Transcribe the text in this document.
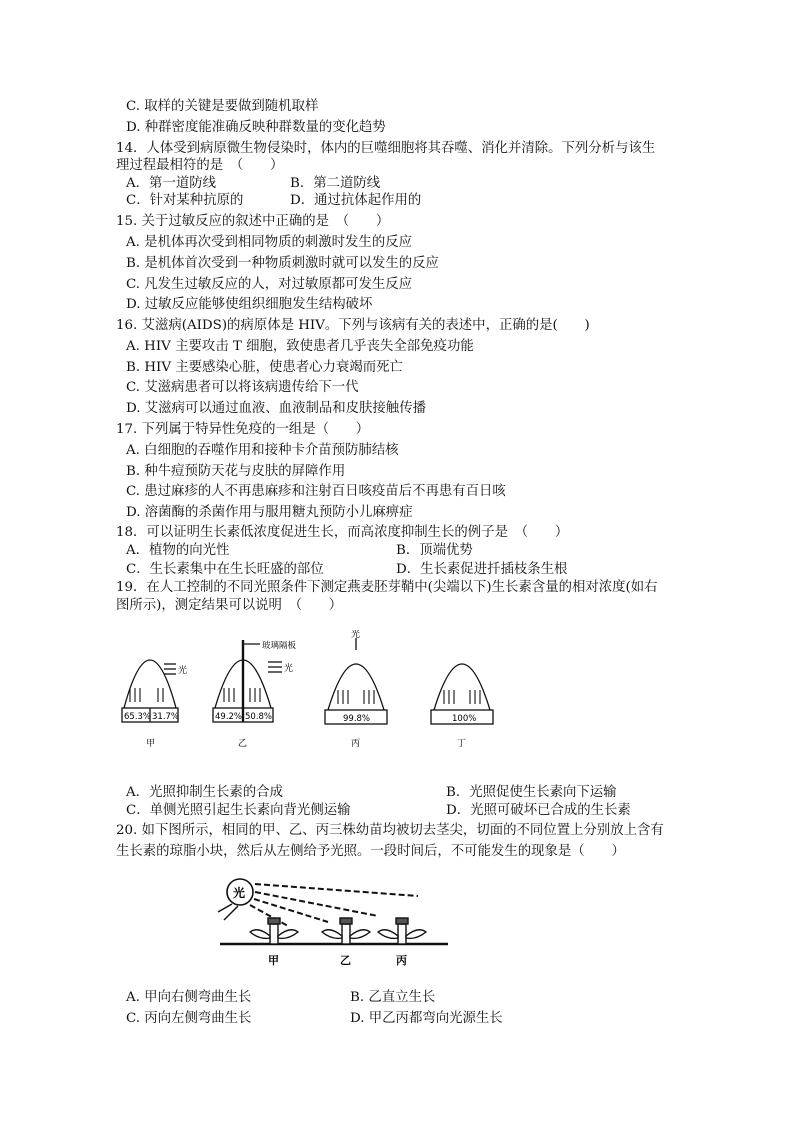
C. 取样的关键是要做到随机取样
D. 种群密度能准确反映种群数量的变化趋势
14．人体受到病原微生物侵染时，体内的巨噬细胞将其吞噬、消化并清除。下列分析与该生
理过程最相符的是　（　　）
A．第一道防线	B．第二道防线
C．针对某种抗原的	D．通过抗体起作用的
15. 关于过敏反应的叙述中正确的是　（　　）
A. 是机体再次受到相同物质的刺激时发生的反应
B. 是机体首次受到一种物质刺激时就可以发生的反应
C. 凡发生过敏反应的人，对过敏原都可发生反应
D. 过敏反应能够使组织细胞发生结构破坏
16. 艾滋病(AIDS)的病原体是 HIV。下列与该病有关的表述中，正确的是(　　)
A. HIV 主要攻击 T 细胞，致使患者几乎丧失全部免疫功能
B. HIV 主要感染心脏，使患者心力衰竭而死亡
C. 艾滋病患者可以将该病遗传给下一代
D. 艾滋病可以通过血液、血液制品和皮肤接触传播
17. 下列属于特异性免疫的一组是（　　）
A. 白细胞的吞噬作用和接种卡介苗预防肺结核
B. 种牛痘预防天花与皮肤的屏障作用
C. 患过麻疹的人不再患麻疹和注射百日咳疫苗后不再患有百日咳
D. 溶菌酶的杀菌作用与服用糖丸预防小儿麻痹症
18．可以证明生长素低浓度促进生长，而高浓度抑制生长的例子是　（　　）
A．植物的向光性	B．顶端优势
C．生长素集中在生长旺盛的部位	D．生长素促进扦插枝条生根
19．在人工控制的不同光照条件下测定燕麦胚芽鞘中(尖端以下)生长素含量的相对浓度(如右
图所示)，测定结果可以说明　（　　）
光	光
光
玻璃隔板
65.3% 31.7%	49.2% 50.8%	99.8%	100%
甲	乙	丙	丁
A．光照抑制生长素的合成	B．光照促使生长素向下运输
C．单侧光照引起生长素向背光侧运输	D．光照可破坏已合成的生长素
20. 如下图所示，相同的甲、乙、丙三株幼苗均被切去茎尖，切面的不同位置上分别放上含有
生长素的琼脂小块，然后从左侧给予光照。一段时间后，不可能发生的现象是（　　）
光
甲	乙	丙
A. 甲向右侧弯曲生长	B. 乙直立生长
C. 丙向左侧弯曲生长	D. 甲乙丙都弯向光源生长
